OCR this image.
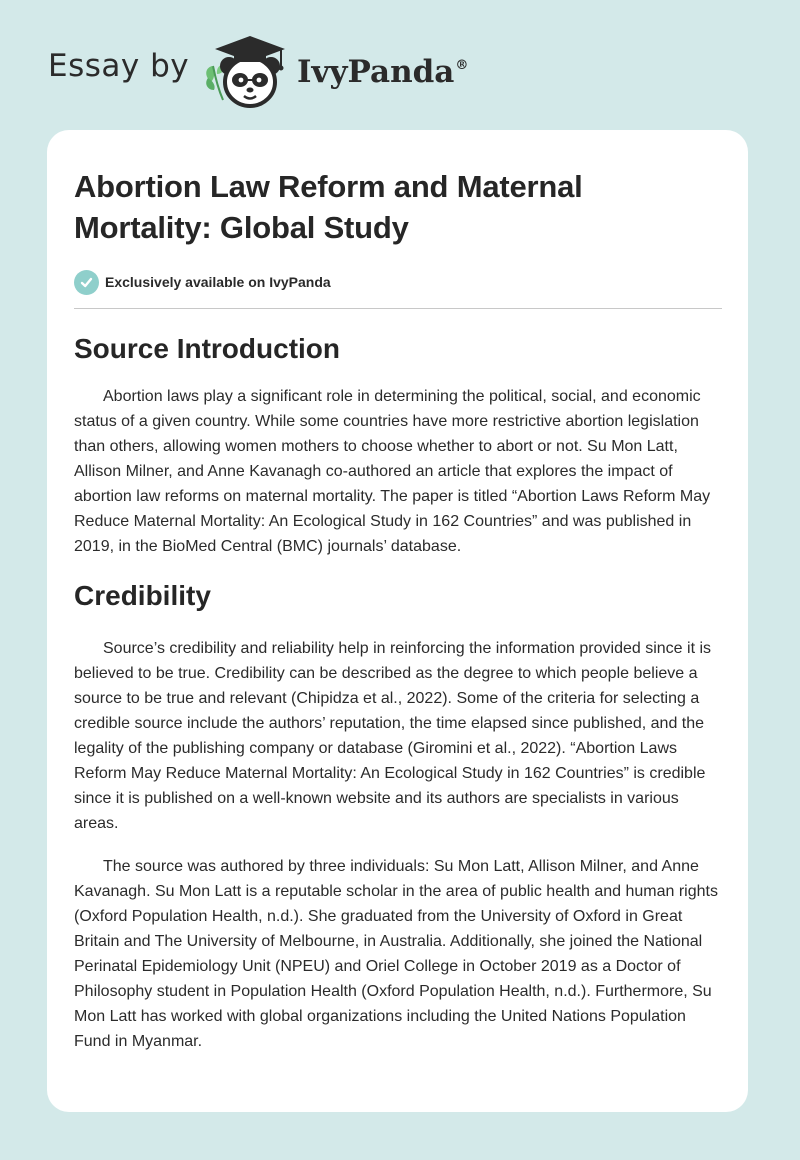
Essay by	IvyPanda®
Abortion Law Reform and Maternal Mortality: Global Study
Exclusively available on IvyPanda
Source Introduction

Abortion laws play a significant role in determining the political, social, and economic status of a given country. While some countries have more restrictive abortion legislation than others, allowing women mothers to choose whether to abort or not. Su Mon Latt, Allison Milner, and Anne Kavanagh co-authored an article that explores the impact of abortion law reforms on maternal mortality. The paper is titled “Abortion Laws Reform May Reduce Maternal Mortality: An Ecological Study in 162 Countries” and was published in 2019, in the BioMed Central (BMC) journals’ database.

Credibility

Source’s credibility and reliability help in reinforcing the information provided since it is believed to be true. Credibility can be described as the degree to which people believe a source to be true and relevant (Chipidza et al., 2022). Some of the criteria for selecting a credible source include the authors’ reputation, the time elapsed since published, and the legality of the publishing company or database (Giromini et al., 2022). “Abortion Laws Reform May Reduce Maternal Mortality: An Ecological Study in 162 Countries” is credible since it is published on a well-known website and its authors are specialists in various areas.

The source was authored by three individuals: Su Mon Latt, Allison Milner, and Anne Kavanagh. Su Mon Latt is a reputable scholar in the area of public health and human rights (Oxford Population Health, n.d.). She graduated from the University of Oxford in Great Britain and The University of Melbourne, in Australia. Additionally, she joined the National Perinatal Epidemiology Unit (NPEU) and Oriel College in October 2019 as a Doctor of Philosophy student in Population Health (Oxford Population Health, n.d.). Furthermore, Su Mon Latt has worked with global organizations including the United Nations Population Fund in Myanmar.
